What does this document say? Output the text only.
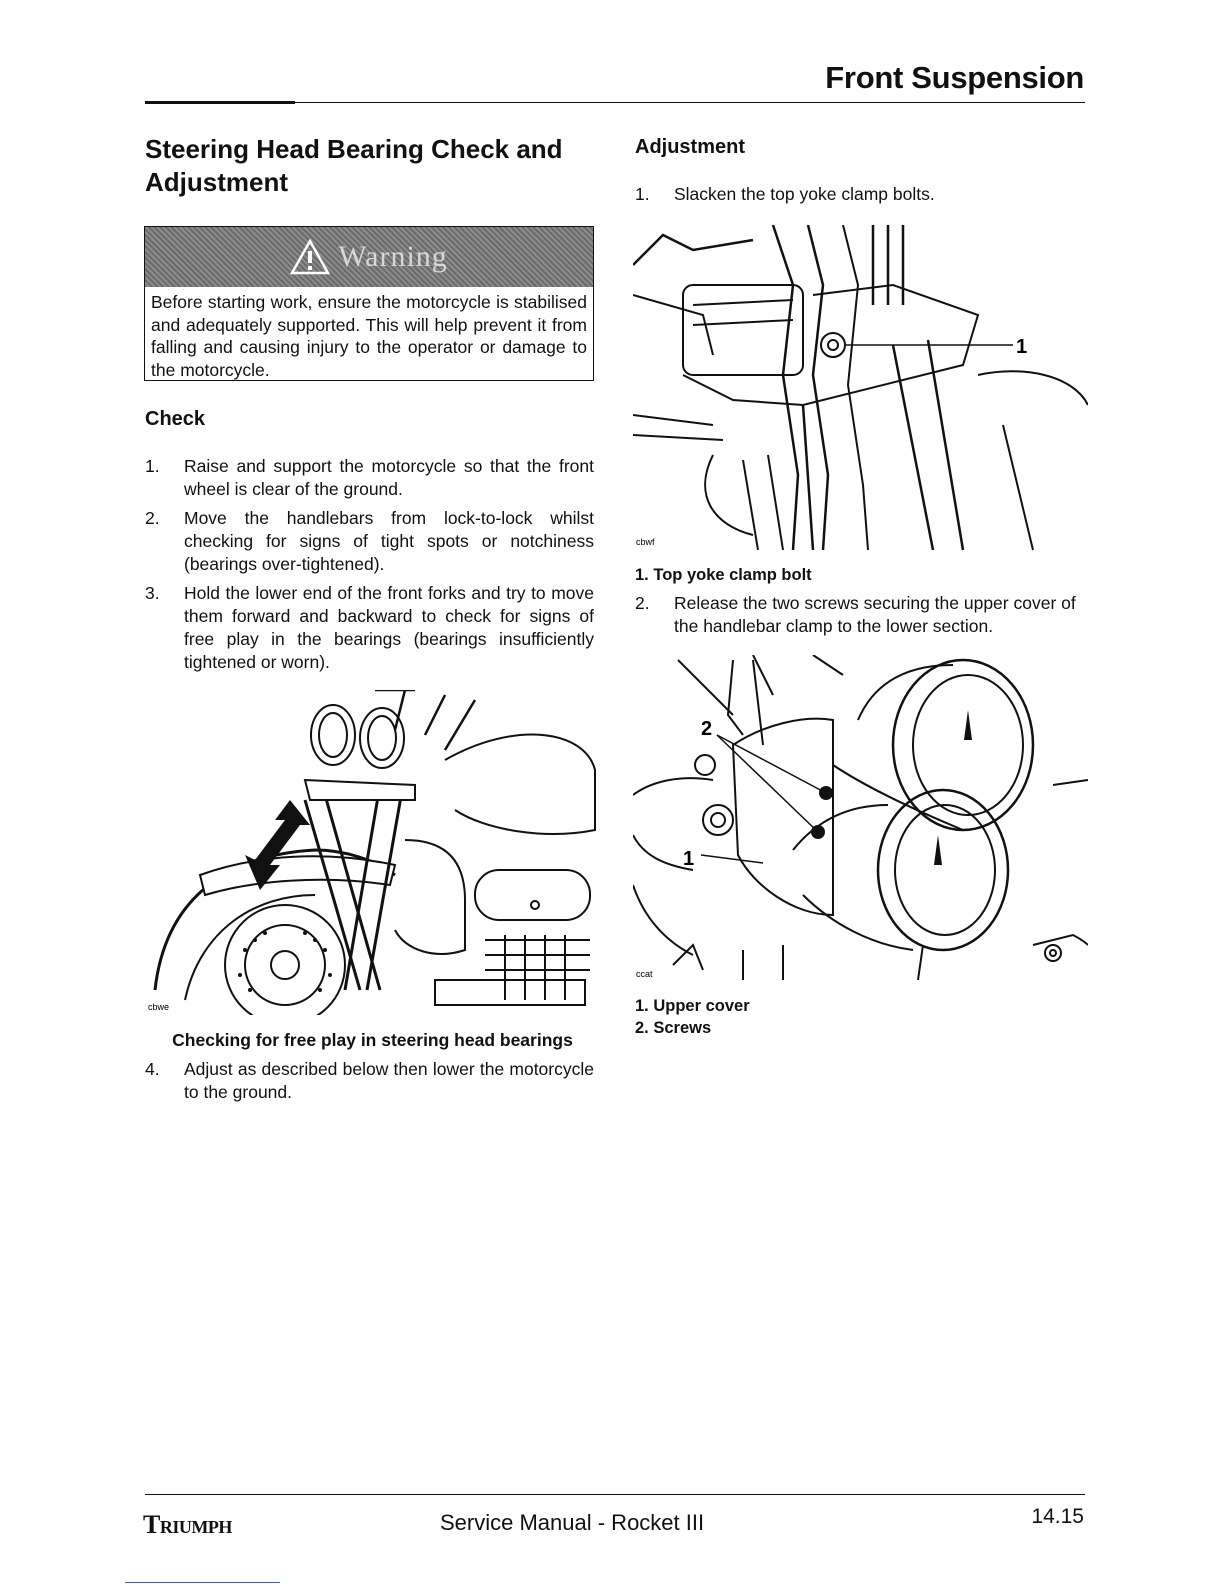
Front Suspension
Steering Head Bearing Check and Adjustment
Warning
Before starting work, ensure the motorcycle is stabilised and adequately supported. This will help prevent it from falling and causing injury to the operator or damage to the motorcycle.
Check
1.	Raise and support the motorcycle so that the front wheel is clear of the ground.
2.	Move the handlebars from lock-to-lock whilst checking for signs of tight spots or notchiness (bearings over-tightened).
3.	Hold the lower end of the front forks and try to move them forward and backward to check for signs of free play in the bearings (bearings insufficiently tightened or worn).
cbwe
Checking for free play in steering head bearings
4.	Adjust as described below then lower the motorcycle to the ground.
Adjustment
1.	Slacken the top yoke clamp bolts.
1
cbwf
1. Top yoke clamp bolt
2.	Release the two screws securing the upper cover of the handlebar clamp to the lower section.
2
1
ccat
1. Upper cover
2. Screws
Triumph	Service Manual - Rocket III	14.15
